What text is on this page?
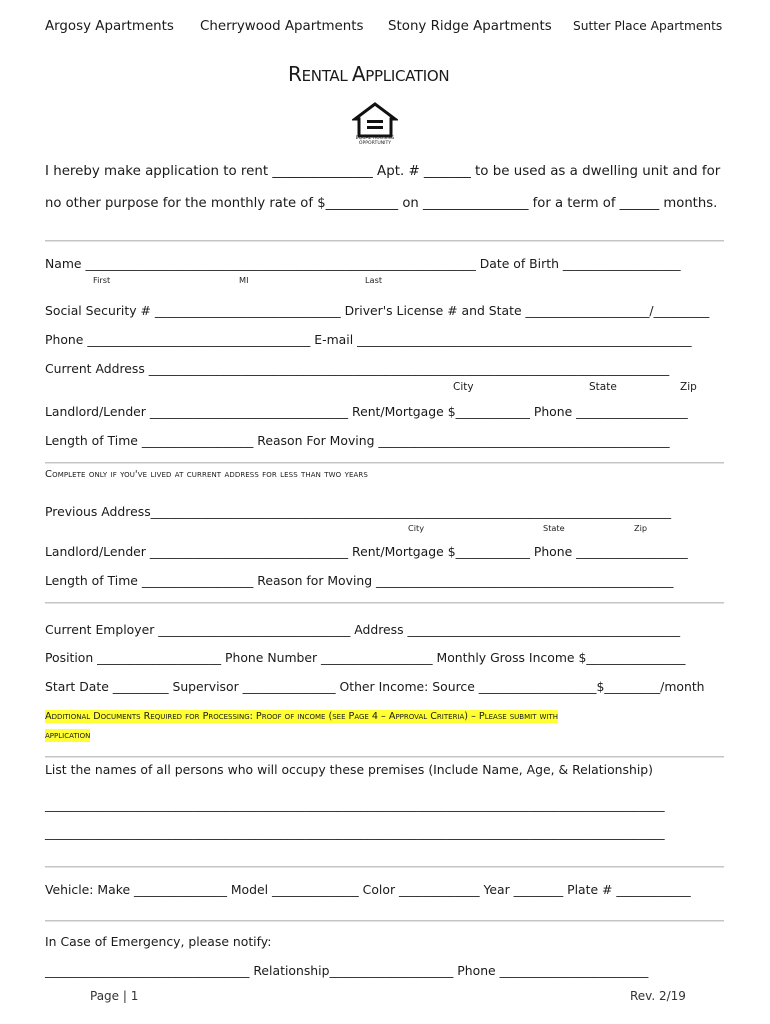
Argosy Apartments Cherrywood Apartments Stony Ridge Apartments Sutter Place Apartments
RENTAL APPLICATION
EQUAL HOUSING
OPPORTUNITY
I hereby make application to rent _______________ Apt. # _______ to be used as a dwelling unit and for
no other purpose for the monthly rate of $___________ on ________________ for a term of ______ months.
Name _______________________________________________________________ Date of Birth ___________________
First	MI	Last
Social Security # ______________________________ Driver's License # and State ____________________/_________
Phone ____________________________________ E-mail ______________________________________________________
Current Address ____________________________________________________________________________________
City	State	Zip
Landlord/Lender ________________________________ Rent/Mortgage $____________ Phone __________________
Length of Time __________________ Reason For Moving _______________________________________________
Complete only if you've lived at current address for less than two years
Previous Address____________________________________________________________________________________
City	State	Zip
Landlord/Lender ________________________________ Rent/Mortgage $____________ Phone __________________
Length of Time __________________ Reason for Moving ________________________________________________
Current Employer _______________________________ Address ____________________________________________
Position ____________________ Phone Number __________________ Monthly Gross Income $________________
Start Date _________ Supervisor _______________ Other Income: Source ___________________$_________/month
Additional Documents Required for Processing: Proof of income (see Page 4 – Approval Criteria) – Please submit with
application
List the names of all persons who will occupy these premises (Include Name, Age, & Relationship)
____________________________________________________________________________________________________
____________________________________________________________________________________________________
Vehicle: Make _______________ Model ______________ Color _____________ Year ________ Plate # ____________
In Case of Emergency, please notify:
_________________________________ Relationship____________________ Phone ________________________
Page | 1	Rev. 2/19
